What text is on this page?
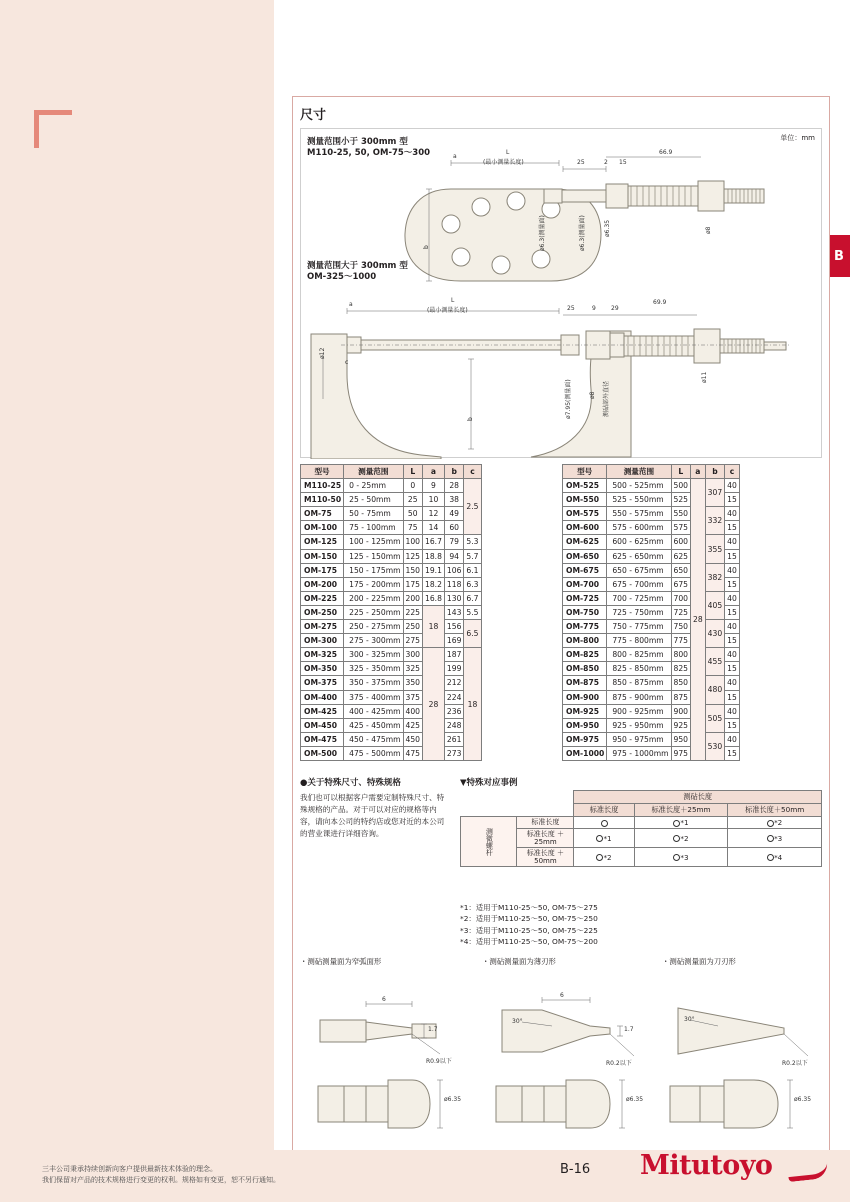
B
尺寸
单位：mm
测量范围小于 300mm 型
M110-25, 50, OM-75～300	a
L
(最小测量长度)	25	2 15
66.9
ø6.3(测量面)
b	ø6.3(测量面)	ø6.35	ø8
测量范围大于 300mm 型
OM-325～1000
a
L
(最小测量长度)	25	9	29
69.9
ø7.95(测量面)	ø8	测砧部外直径
b
c
ø11
ø12
型号	测量范围	L	a	b	c
M110-25	0 - 25mm	0	9	28	2.5
M110-50	25 - 50mm	25	10	38	
OM-75	50 - 75mm	50	12	49	
OM-100	75 - 100mm	75	14	60	
OM-125	100 - 125mm	100	16.7	79	5.3
OM-150	125 - 150mm	125	18.8	94	5.7
OM-175	150 - 175mm	150	19.1	106	6.1
OM-200	175 - 200mm	175	18.2	118	6.3
OM-225	200 - 225mm	200	16.8	130	6.7
OM-250	225 - 250mm	225	18	143	5.5
OM-275	250 - 275mm	250		156	6.5
OM-300	275 - 300mm	275		169	
OM-325	300 - 325mm	300	28	187	18
OM-350	325 - 350mm	325		199	
OM-375	350 - 375mm	350		212	
OM-400	375 - 400mm	375		224	
OM-425	400 - 425mm	400		236	
OM-450	425 - 450mm	425		248	
OM-475	450 - 475mm	450		261	
OM-500	475 - 500mm	475		273	
型号	测量范围	L	a	b	c
OM-525	500 - 525mm	500	28	307	40
OM-550	525 - 550mm	525			15
OM-575	550 - 575mm	550		332	40
OM-600	575 - 600mm	575			15
OM-625	600 - 625mm	600		355	40
OM-650	625 - 650mm	625			15
OM-675	650 - 675mm	650		382	40
OM-700	675 - 700mm	675			15
OM-725	700 - 725mm	700		405	40
OM-750	725 - 750mm	725			15
OM-775	750 - 775mm	750		430	40
OM-800	775 - 800mm	775			15
OM-825	800 - 825mm	800		455	40
OM-850	825 - 850mm	825			15
OM-875	850 - 875mm	850		480	40
OM-900	875 - 900mm	875			15
OM-925	900 - 925mm	900		505	40
OM-950	925 - 950mm	925			15
OM-975	950 - 975mm	950		530	40
OM-1000	975 - 1000mm	975			15
●关于特殊尺寸、特殊规格
我们也可以根据客户需要定制特殊尺寸、特殊规格的产品。对于可以对应的规格等内容，请向本公司的特约店或您对近的本公司的营业课进行详细咨询。
▼特殊对应事例
		测砧长度		
		标准长度	标准长度＋25mm	标准长度＋50mm
测微螺杆	标准长度		*1	*2
	标准长度 ＋25mm	*1	*2	*3
	标准长度 ＋50mm	*2	*3	*4
*1：适用于M110-25～50, OM-75～275
*2：适用于M110-25～50, OM-75～250
*3：适用于M110-25～50, OM-75～225
*4：适用于M110-25～50, OM-75～200
・测砧测量面为窄弧面形
6
1.7
R0.9以下
ø6.35
・测砧测量面为薄刃形
6
1.7
30°
R0.2以下
ø6.35
・测砧测量面为刀刃形
30°
R0.2以下
ø6.35
三丰公司秉承持续创新向客户提供最新技术体验的理念。
我们保留对产品的技术规格进行变更的权利。规格如有变更，恕不另行通知。
B-16 Mitutoyo
